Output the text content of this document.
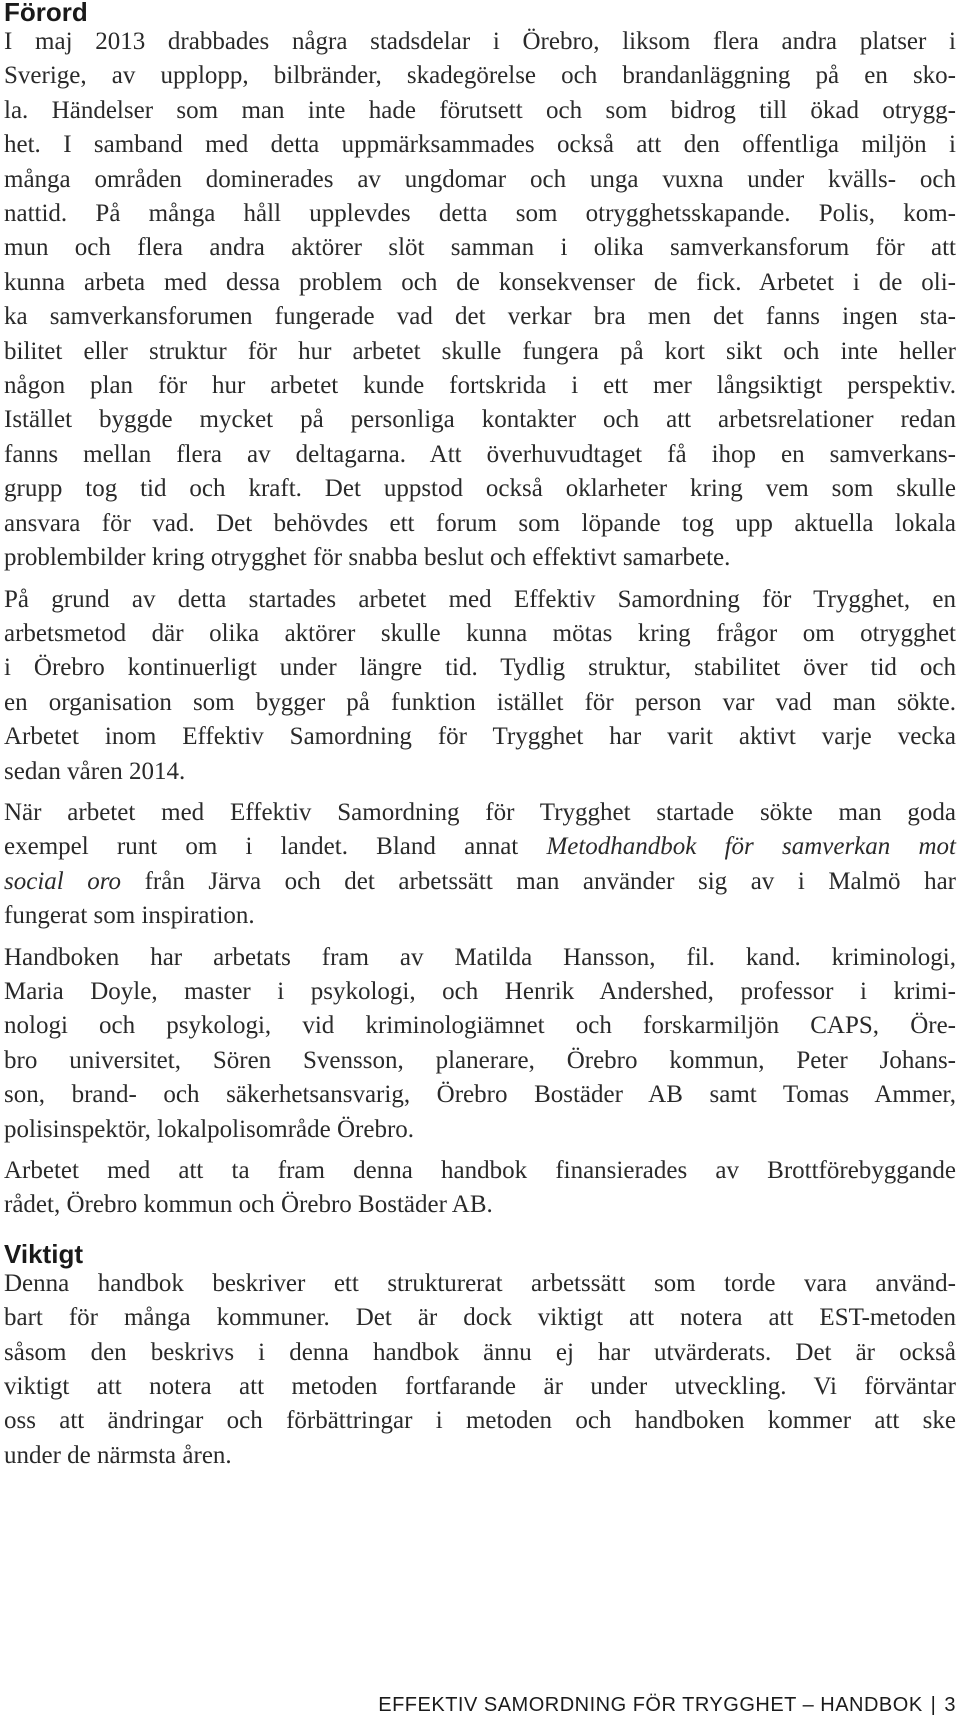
Förord

I maj 2013 drabbades några stadsdelar i Örebro, liksom flera andra platser i
Sverige, av upplopp, bilbränder, skadegörelse och brandanläggning på en sko-
la. Händelser som man inte hade förutsett och som bidrog till ökad otrygg-
het. I samband med detta uppmärksammades också att den offentliga miljön i
många områden dominerades av ungdomar och unga vuxna under kvälls- och
nattid. På många håll upplevdes detta som otrygghetsskapande. Polis, kom-
mun och flera andra aktörer slöt samman i olika samverkansforum för att
kunna arbeta med dessa problem och de konsekvenser de fick. Arbetet i de oli-
ka samverkansforumen fungerade vad det verkar bra men det fanns ingen sta-
bilitet eller struktur för hur arbetet skulle fungera på kort sikt och inte heller
någon plan för hur arbetet kunde fortskrida i ett mer långsiktigt perspektiv.
Istället byggde mycket på personliga kontakter och att arbetsrelationer redan
fanns mellan flera av deltagarna. Att överhuvudtaget få ihop en samverkans-
grupp tog tid och kraft. Det uppstod också oklarheter kring vem som skulle
ansvara för vad. Det behövdes ett forum som löpande tog upp aktuella lokala
problembilder kring otrygghet för snabba beslut och effektivt samarbete.

På grund av detta startades arbetet med Effektiv Samordning för Trygghet, en
arbetsmetod där olika aktörer skulle kunna mötas kring frågor om otrygghet
i Örebro kontinuerligt under längre tid. Tydlig struktur, stabilitet över tid och
en organisation som bygger på funktion istället för person var vad man sökte.
Arbetet inom Effektiv Samordning för Trygghet har varit aktivt varje vecka
sedan våren 2014.

När arbetet med Effektiv Samordning för Trygghet startade sökte man goda
exempel runt om i landet. Bland annat Metodhandbok för samverkan mot
social oro från Järva och det arbetssätt man använder sig av i Malmö har
fungerat som inspiration.

Handboken har arbetats fram av Matilda Hansson, fil. kand. kriminologi,
Maria Doyle, master i psykologi, och Henrik Andershed, professor i krimi-
nologi och psykologi, vid kriminologiämnet och forskarmiljön CAPS, Öre-
bro universitet, Sören Svensson, planerare, Örebro kommun, Peter Johans-
son, brand- och säkerhetsansvarig, Örebro Bostäder AB samt Tomas Ammer,
polisinspektör, lokalpolisområde Örebro.

Arbetet med att ta fram denna handbok finansierades av Brottförebyggande
rådet, Örebro kommun och Örebro Bostäder AB.

Viktigt

Denna handbok beskriver ett strukturerat arbetssätt som torde vara använd-
bart för många kommuner. Det är dock viktigt att notera att EST-metoden
såsom den beskrivs i denna handbok ännu ej har utvärderats. Det är också
viktigt att notera att metoden fortfarande är under utveckling. Vi förväntar
oss att ändringar och förbättringar i metoden och handboken kommer att ske
under de närmsta åren.

EFFEKTIV SAMORDNING FÖR TRYGGHET – HANDBOK | 3
